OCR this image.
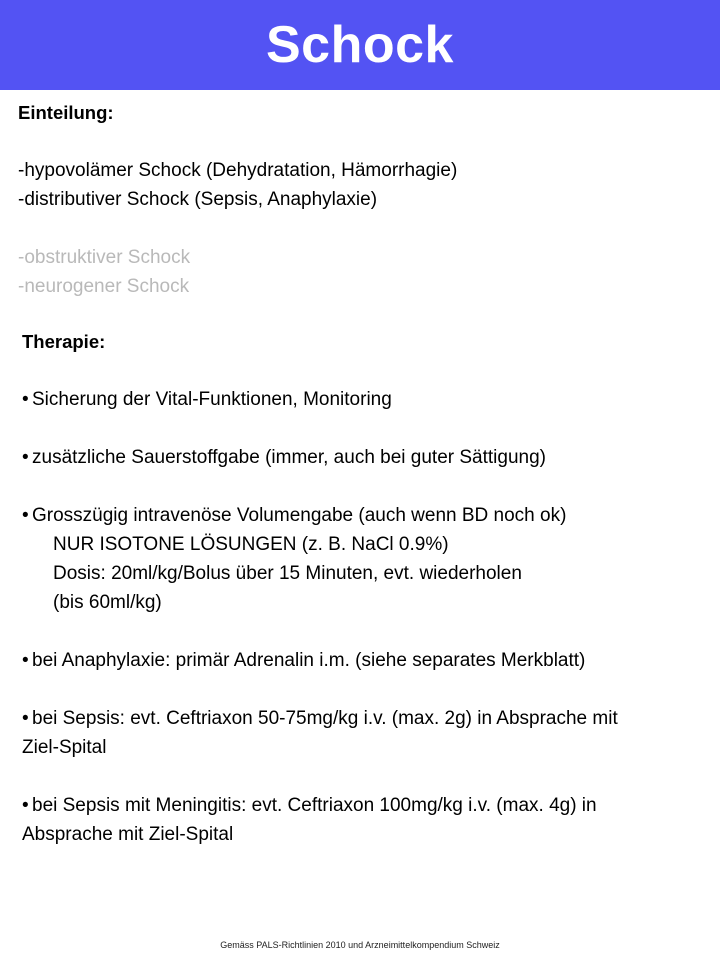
Schock
Einteilung:
-hypovolämer Schock (Dehydratation, Hämorrhagie)
-distributiver Schock (Sepsis, Anaphylaxie)
-obstruktiver Schock
-neurogener Schock
Therapie:
• Sicherung der Vital-Funktionen, Monitoring
• zusätzliche Sauerstoffgabe (immer, auch bei guter Sättigung)
• Grosszügig intravenöse Volumengabe (auch wenn BD noch ok)
NUR ISOTONE LÖSUNGEN (z. B. NaCl 0.9%)
Dosis: 20ml/kg/Bolus über 15 Minuten, evt. wiederholen
(bis 60ml/kg)
• bei Anaphylaxie: primär Adrenalin i.m. (siehe separates Merkblatt)
• bei Sepsis: evt. Ceftriaxon 50-75mg/kg i.v. (max. 2g) in Absprache mit
Ziel-Spital
• bei Sepsis mit Meningitis: evt. Ceftriaxon 100mg/kg i.v. (max. 4g) in
Absprache mit Ziel-Spital
Gemäss PALS-Richtlinien 2010 und Arzneimittelkompendium Schweiz
